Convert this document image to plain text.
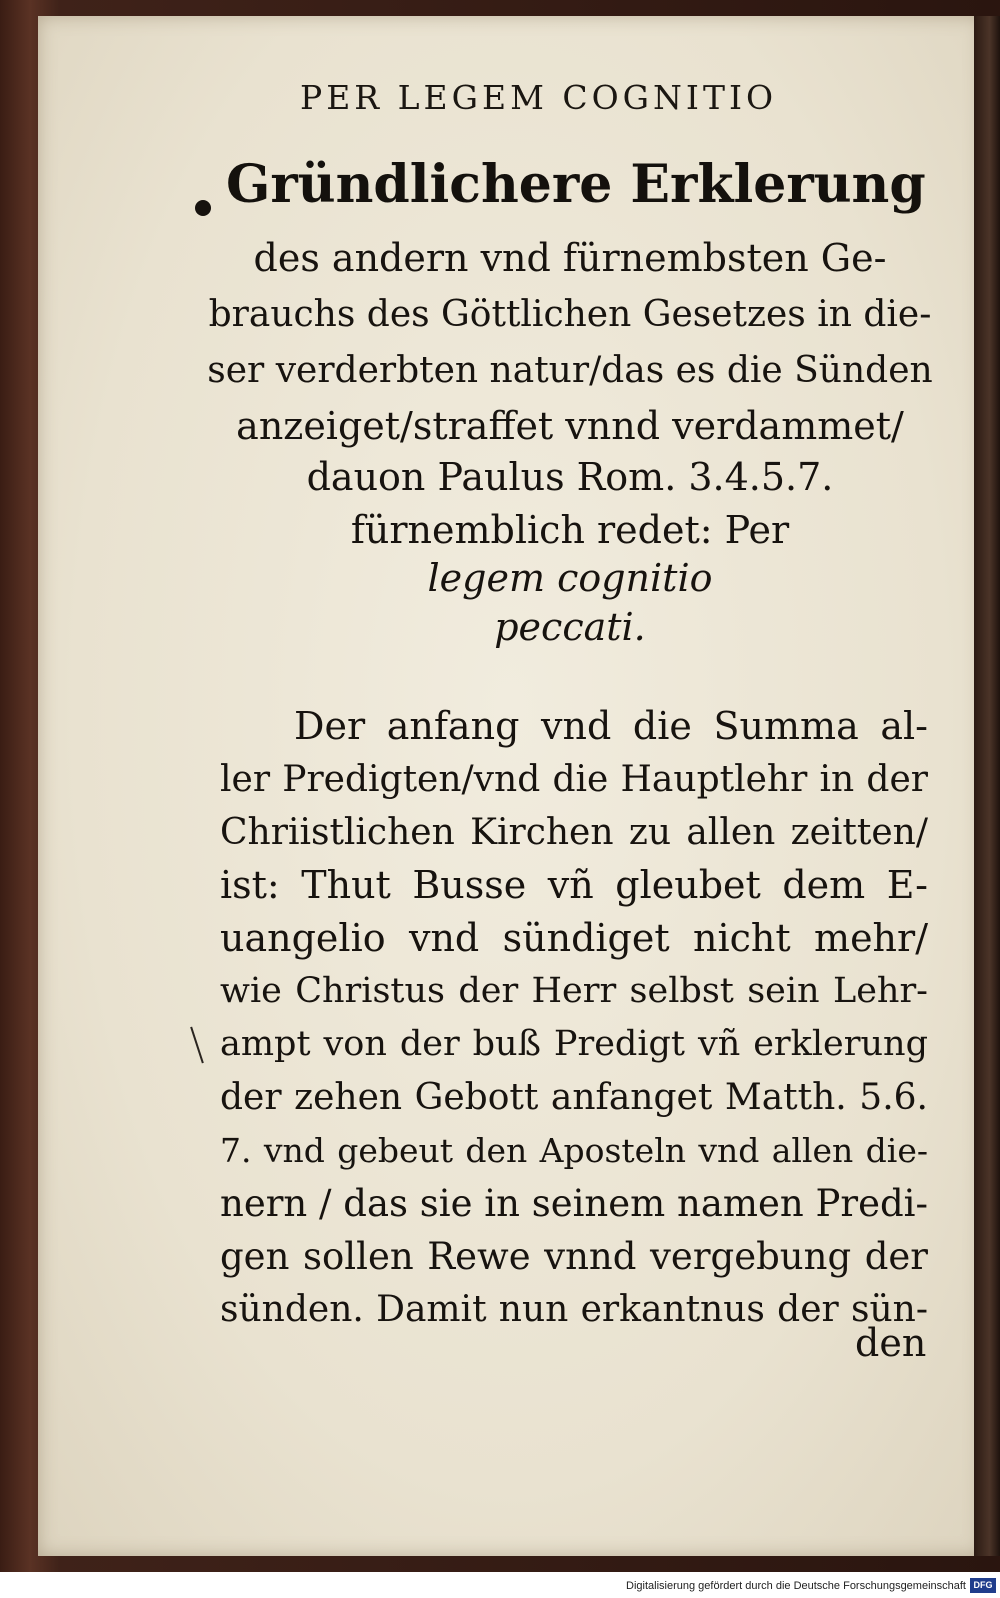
PER LEGEM COGNITIO
Gründlichere Erklerung
des andern vnd fürnembsten Ge-
brauchs des Göttlichen Gesetzes in die-
ser verderbten natur/das es die Sünden
anzeiget/straffet vnnd verdammet/
dauon Paulus Rom. 3.4.5.7.
fürnemblich redet: Per
legem cognitio
peccati.
Der anfang vnd die Summa al-
ler Predigten/vnd die Hauptlehr in der
Chriistlichen Kirchen zu allen zeitten/
ist: Thut Busse vñ gleubet dem E-
uangelio vnd sündiget nicht mehr/
wie Christus der Herr selbst sein Lehr-
ampt von der buß Predigt vñ erklerung
der zehen Gebott anfanget Matth. 5.6.
7. vnd gebeut den Aposteln vnd allen die-
nern / das sie in seinem namen Predi-
gen sollen Rewe vnnd vergebung der
sünden. Damit nun erkantnus der sün-
den
Digitalisierung gefördert durch die Deutsche Forschungsgemeinschaft DFG
